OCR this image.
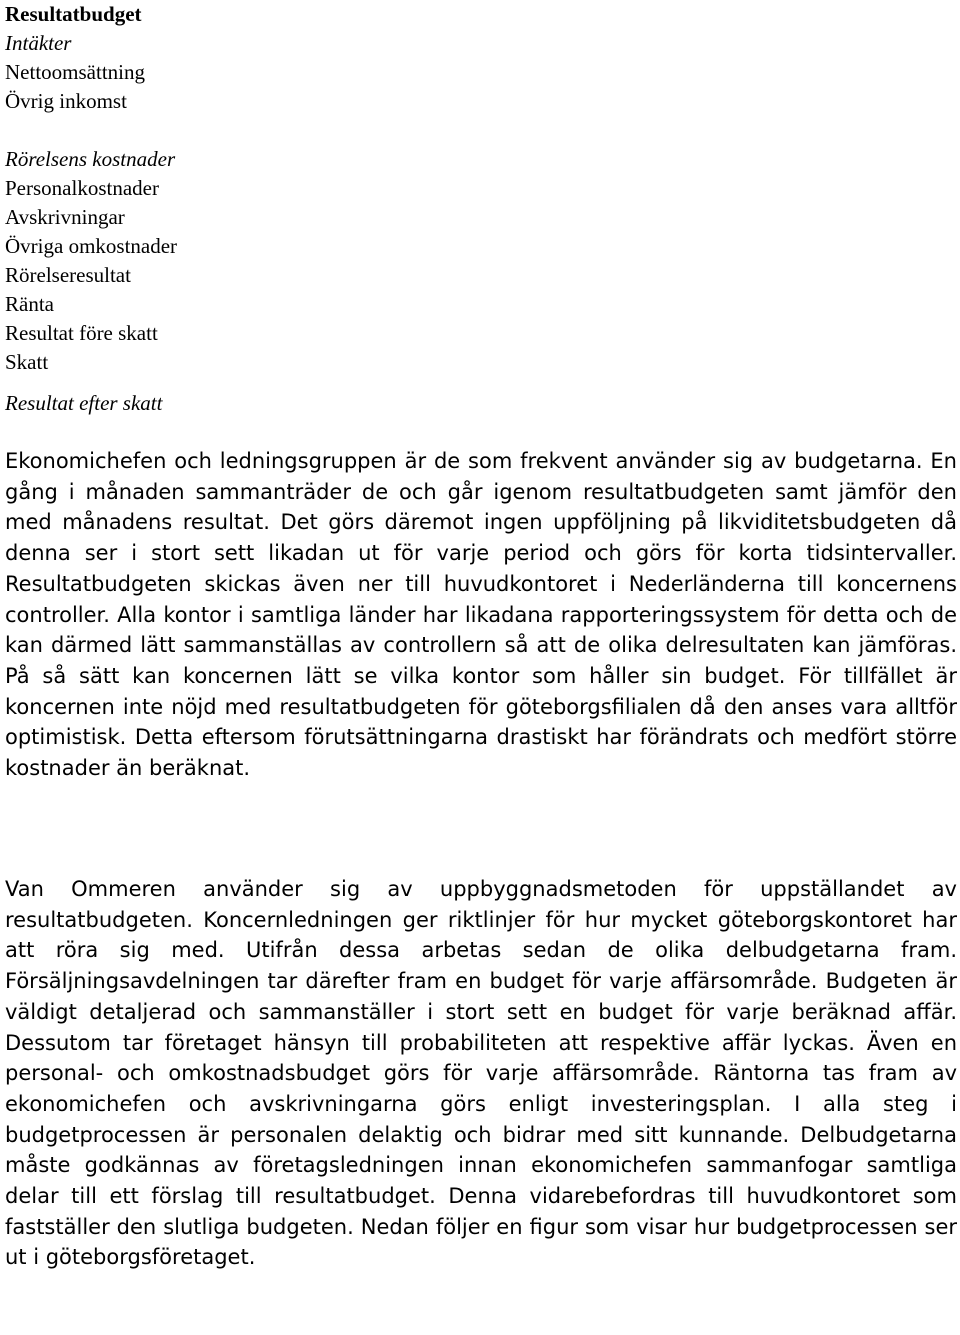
Resultatbudget
Intäkter
Nettoomsättning
Övrig inkomst
Rörelsens kostnader
Personalkostnader
Avskrivningar
Övriga omkostnader
Rörelseresultat
Ränta
Resultat före skatt
Skatt
Resultat efter skatt

Ekonomichefen och ledningsgruppen är de som frekvent använder sig av budgetarna. En gång i månaden sammanträder de och går igenom resultatbudgeten samt jämför den med månadens resultat. Det görs däremot ingen uppföljning på likviditetsbudgeten då denna ser i stort sett likadan ut för varje period och görs för korta tidsintervaller. Resultatbudgeten skickas även ner till huvudkontoret i Nederländerna till koncernens controller. Alla kontor i samtliga länder har likadana rapporteringssystem för detta och de kan därmed lätt sammanställas av controllern så att de olika delresultaten kan jämföras. På så sätt kan koncernen lätt se vilka kontor som håller sin budget. För tillfället är koncernen inte nöjd med resultatbudgeten för göteborgsfilialen då den anses vara alltför optimistisk. Detta eftersom förutsättningarna drastiskt har förändrats och medfört större kostnader än beräknat.

Van Ommeren använder sig av uppbyggnadsmetoden för uppställandet av resultatbudgeten. Koncernledningen ger riktlinjer för hur mycket göteborgskontoret har att röra sig med. Utifrån dessa arbetas sedan de olika delbudgetarna fram. Försäljningsavdelningen tar därefter fram en budget för varje affärsområde. Budgeten är väldigt detaljerad och sammanställer i stort sett en budget för varje beräknad affär. Dessutom tar företaget hänsyn till probabiliteten att respektive affär lyckas. Även en personal- och omkostnadsbudget görs för varje affärsområde. Räntorna tas fram av ekonomichefen och avskrivningarna görs enligt investeringsplan. I alla steg i budgetprocessen är personalen delaktig och bidrar med sitt kunnande. Delbudgetarna måste godkännas av företagsledningen innan ekonomichefen sammanfogar samtliga delar till ett förslag till resultatbudget. Denna vidarebefordras till huvudkontoret som fastställer den slutliga budgeten. Nedan följer en figur som visar hur budgetprocessen ser ut i göteborgsföretaget.
